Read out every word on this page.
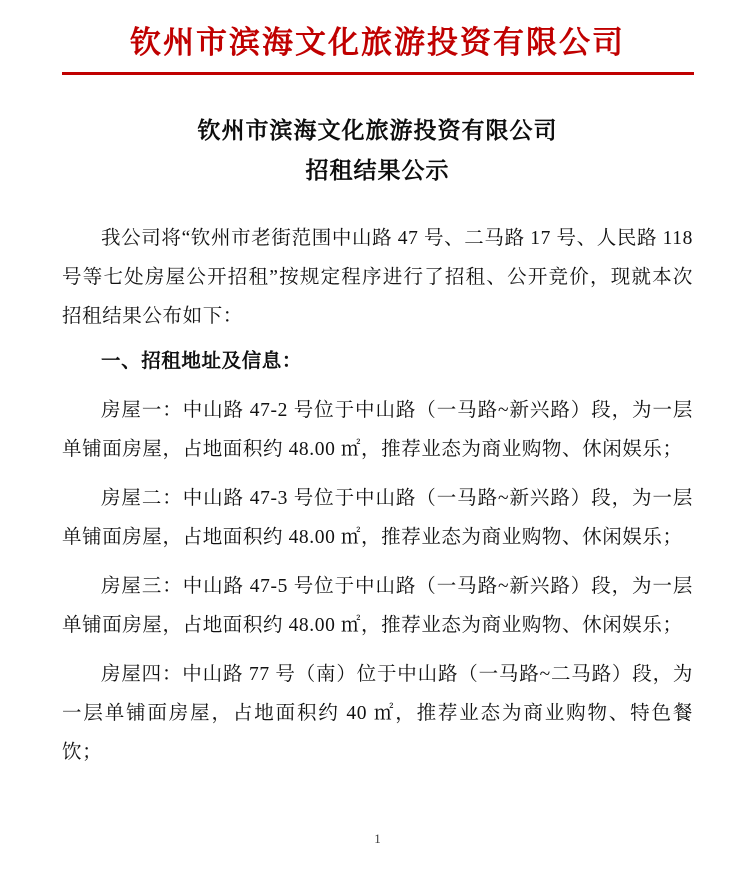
钦州市滨海文化旅游投资有限公司
钦州市滨海文化旅游投资有限公司
招租结果公示

我公司将“钦州市老街范围中山路 47 号、二马路 17 号、人民路 118 号等七处房屋公开招租”按规定程序进行了招租、公开竞价，现就本次招租结果公布如下：

一、招租地址及信息：

房屋一：中山路 47-2 号位于中山路（一马路~新兴路）段，为一层单铺面房屋，占地面积约 48.00 ㎡，推荐业态为商业购物、休闲娱乐；

房屋二：中山路 47-3 号位于中山路（一马路~新兴路）段，为一层单铺面房屋，占地面积约 48.00 ㎡，推荐业态为商业购物、休闲娱乐；

房屋三：中山路 47-5 号位于中山路（一马路~新兴路）段，为一层单铺面房屋，占地面积约 48.00 ㎡，推荐业态为商业购物、休闲娱乐；

房屋四：中山路 77 号（南）位于中山路（一马路~二马路）段，为一层单铺面房屋，占地面积约 40 ㎡，推荐业态为商业购物、特色餐饮；

1
